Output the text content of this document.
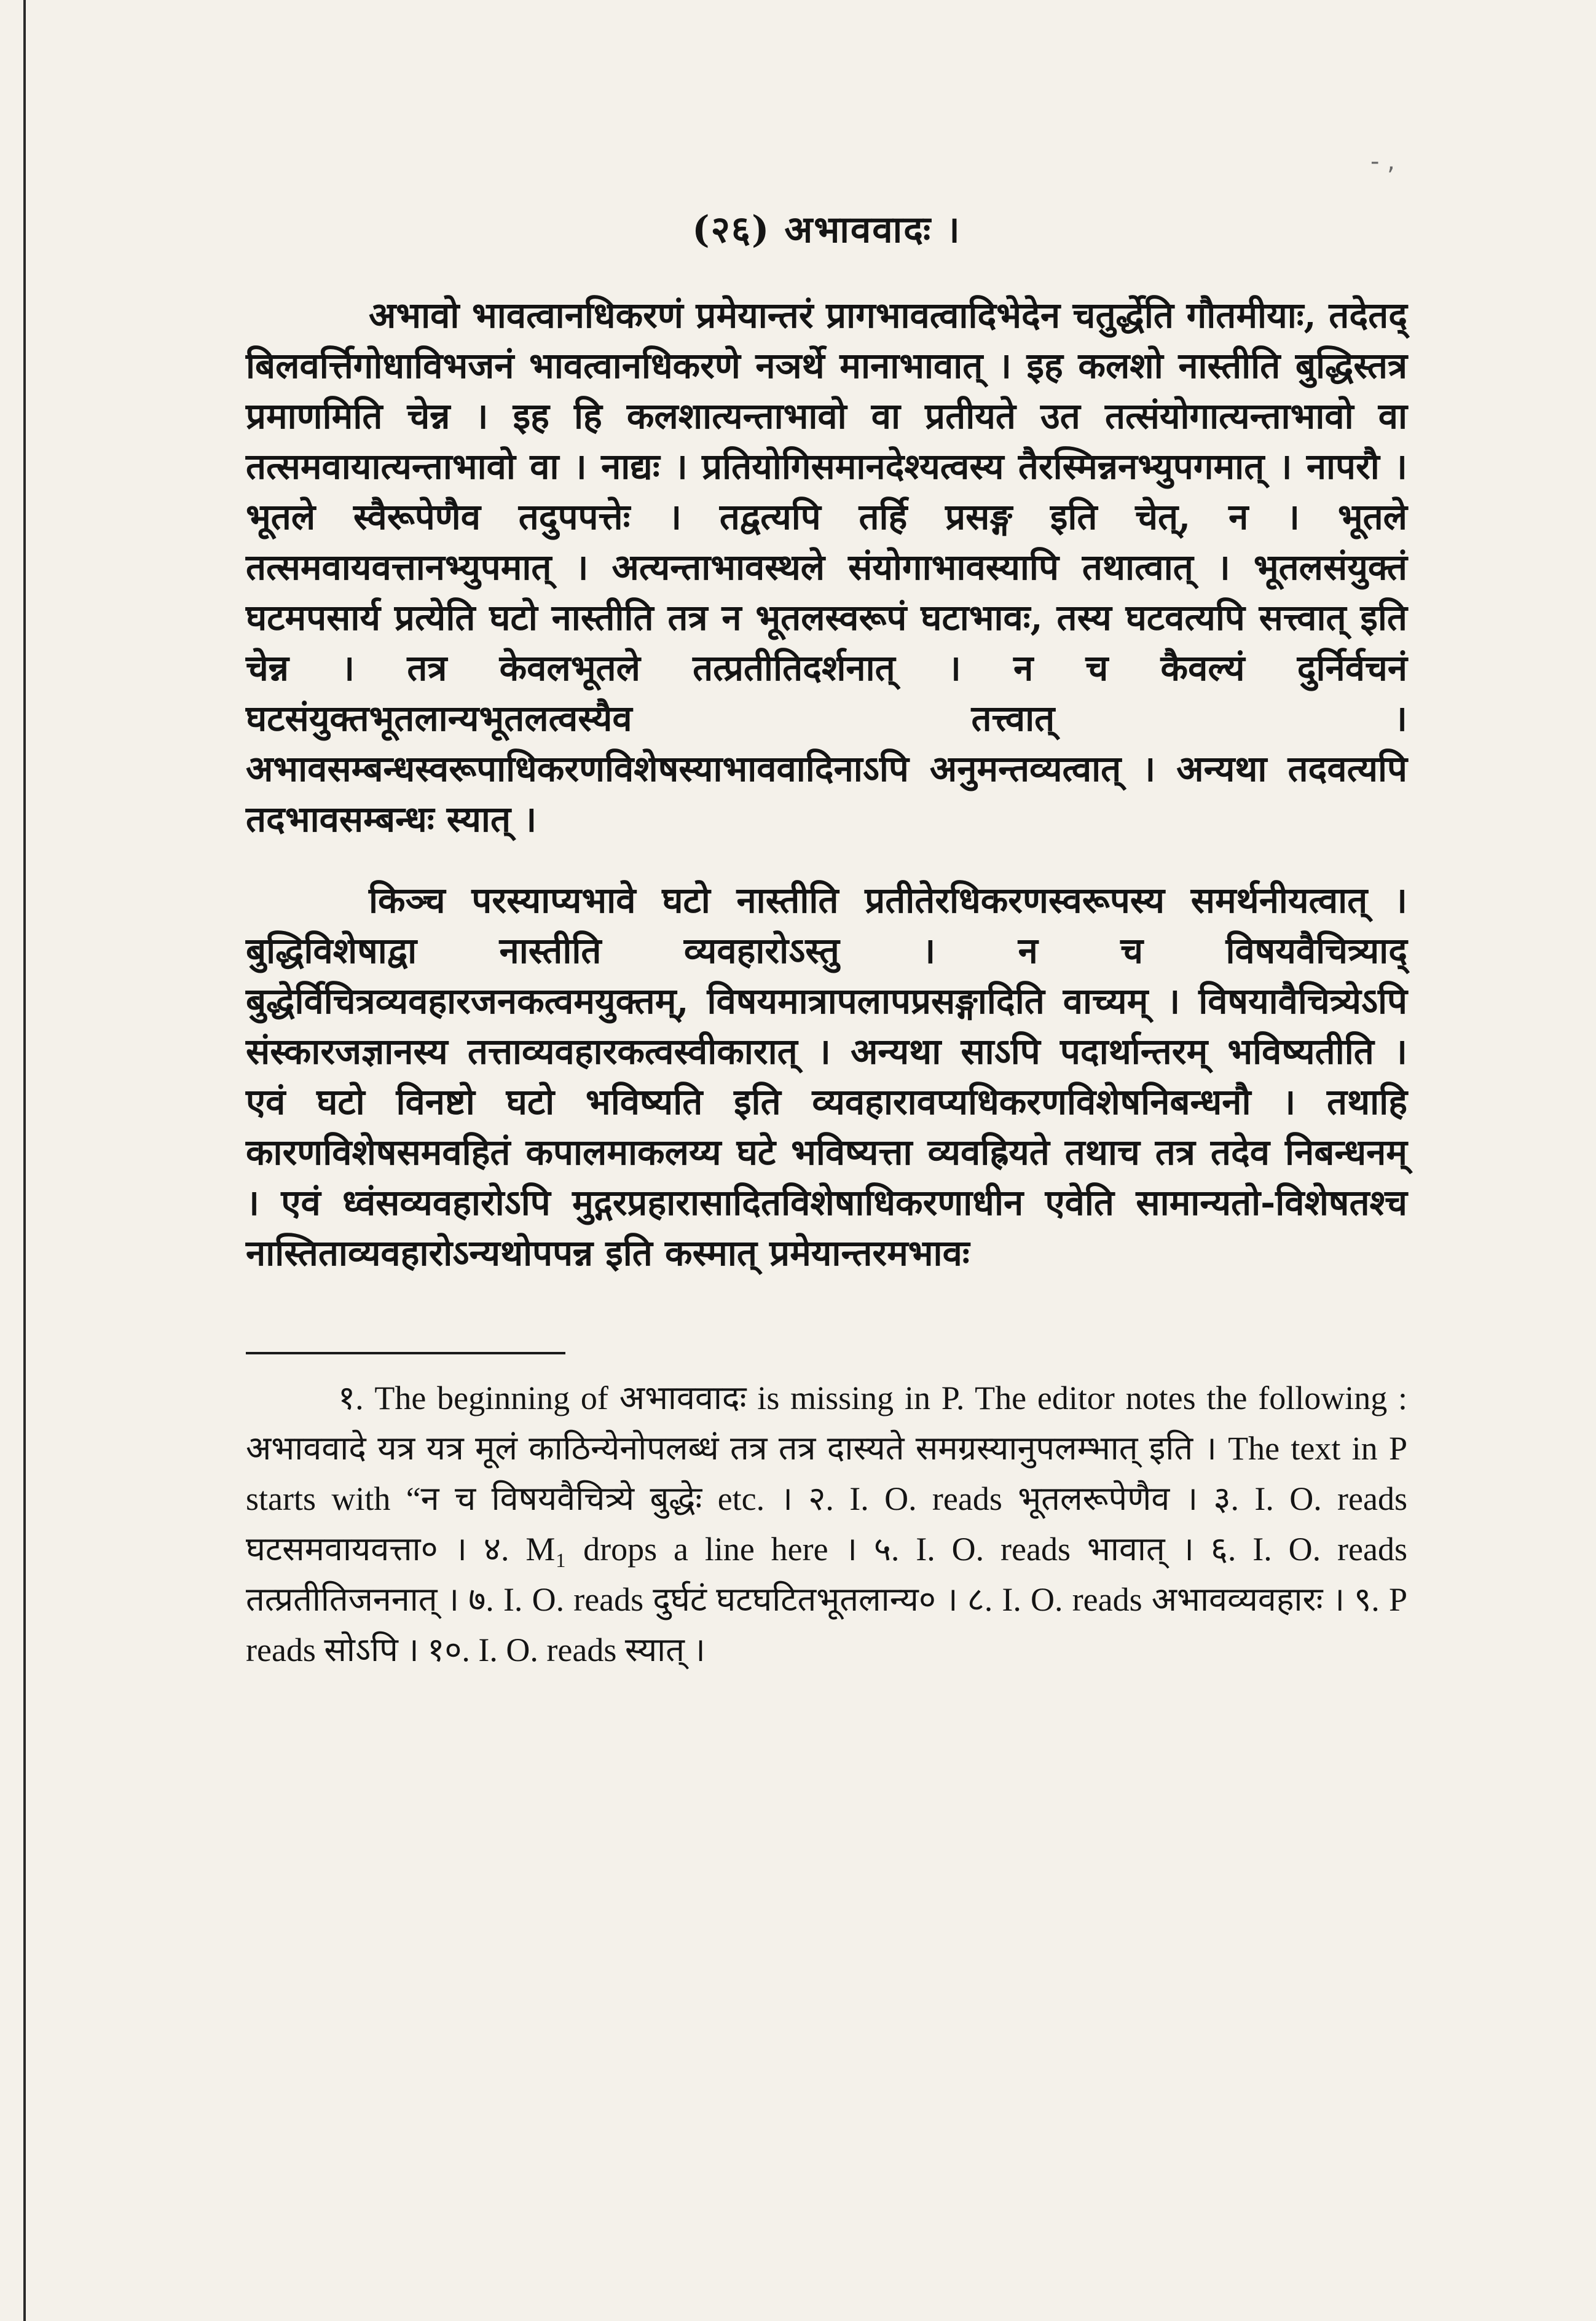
- ,
(२६) अभाववादः ।

अभावो भावत्वानधिकरणं प्रमेयान्तरं प्रागभावत्वादिभेदेन चतुर्द्धेति गौतमीयाः, तदेतद् बिलवर्त्तिगोधाविभजनं भावत्वानधिकरणे नञर्थे मानाभावात् । इह कलशो नास्तीति बुद्धिस्तत्र प्रमाणमिति चेन्न । इह हि कलशात्यन्ताभावो वा प्रतीयते उत तत्संयोगात्यन्ताभावो वा तत्समवायात्यन्ताभावो वा । नाद्यः । प्रतियोगिसमानदेश्यत्वस्य तैरस्मिन्ननभ्युपगमात् । नापरौ । भूतले स्वैरूपेणैव तदुपपत्तेः । तद्वत्यपि तर्हि प्रसङ्ग इति चेत्, न । भूतले तत्समवायवत्तानभ्युपमात् । अत्यन्ताभावस्थले संयोगाभावस्यापि तथात्वात् । भूतलसंयुक्तं घटमपसार्य प्रत्येति घटो नास्तीति तत्र न भूतलस्वरूपं घटाभावः, तस्य घटवत्यपि सत्त्वात् इति चेन्न । तत्र केवलभूतले तत्प्रतीतिदर्शनात् । न च कैवल्यं दुर्निर्वचनं घटसंयुक्तभूतलान्यभूतलत्वस्यैव तत्त्वात् । अभावसम्बन्धस्वरूपाधिकरणविशेषस्याभाववादिनाऽपि अनुमन्तव्यत्वात् । अन्यथा तदवत्यपि तदभावसम्बन्धः स्यात् ।

किञ्च परस्याप्यभावे घटो नास्तीति प्रतीतेरधिकरणस्वरूपस्य समर्थनीयत्वात् । बुद्धिविशेषाद्वा नास्तीति व्यवहारोऽस्तु । न च विषयवैचित्र्याद् बुद्धेर्विचित्रव्यवहारजनकत्वमयुक्तम्, विषयमात्रापलापप्रसङ्गादिति वाच्यम् । विषयावैचित्र्येऽपि संस्कारजज्ञानस्य तत्ताव्यवहारकत्वस्वीकारात् । अन्यथा साऽपि पदार्थान्तरम् भविष्यतीति । एवं घटो विनष्टो घटो भविष्यति इति व्यवहारावप्यधिकरणविशेषनिबन्धनौ । तथाहि कारणविशेषसमवहितं कपालमाकलय्य घटे भविष्यत्ता व्यवह्रियते तथाच तत्र तदेव निबन्धनम् । एवं ध्वंसव्यवहारोऽपि मुद्गरप्रहारासादितविशेषाधिकरणाधीन एवेति सामान्यतो-विशेषतश्च नास्तिताव्यवहारोऽन्यथोपपन्न इति कस्मात् प्रमेयान्तरमभावः

१. The beginning of अभाववादः is missing in P. The editor notes the following : अभाववादे यत्र यत्र मूलं काठिन्येनोपलब्धं तत्र तत्र दास्यते समग्रस्यानुपलम्भात् इति । The text in P starts with “न च विषयवैचित्र्ये बुद्धेः etc. । २. I. O. reads भूतलरूपेणैव । ३. I. O. reads घटसमवायवत्ता० । ४. M₁ drops a line here । ५. I. O. reads भावात् । ६. I. O. reads तत्प्रतीतिजननात् । ७. I. O. reads दुर्घटं घटघटितभूतलान्य० । ८. I. O. reads अभावव्यवहारः । ९. P reads सोऽपि । १०. I. O. reads स्यात् ।
